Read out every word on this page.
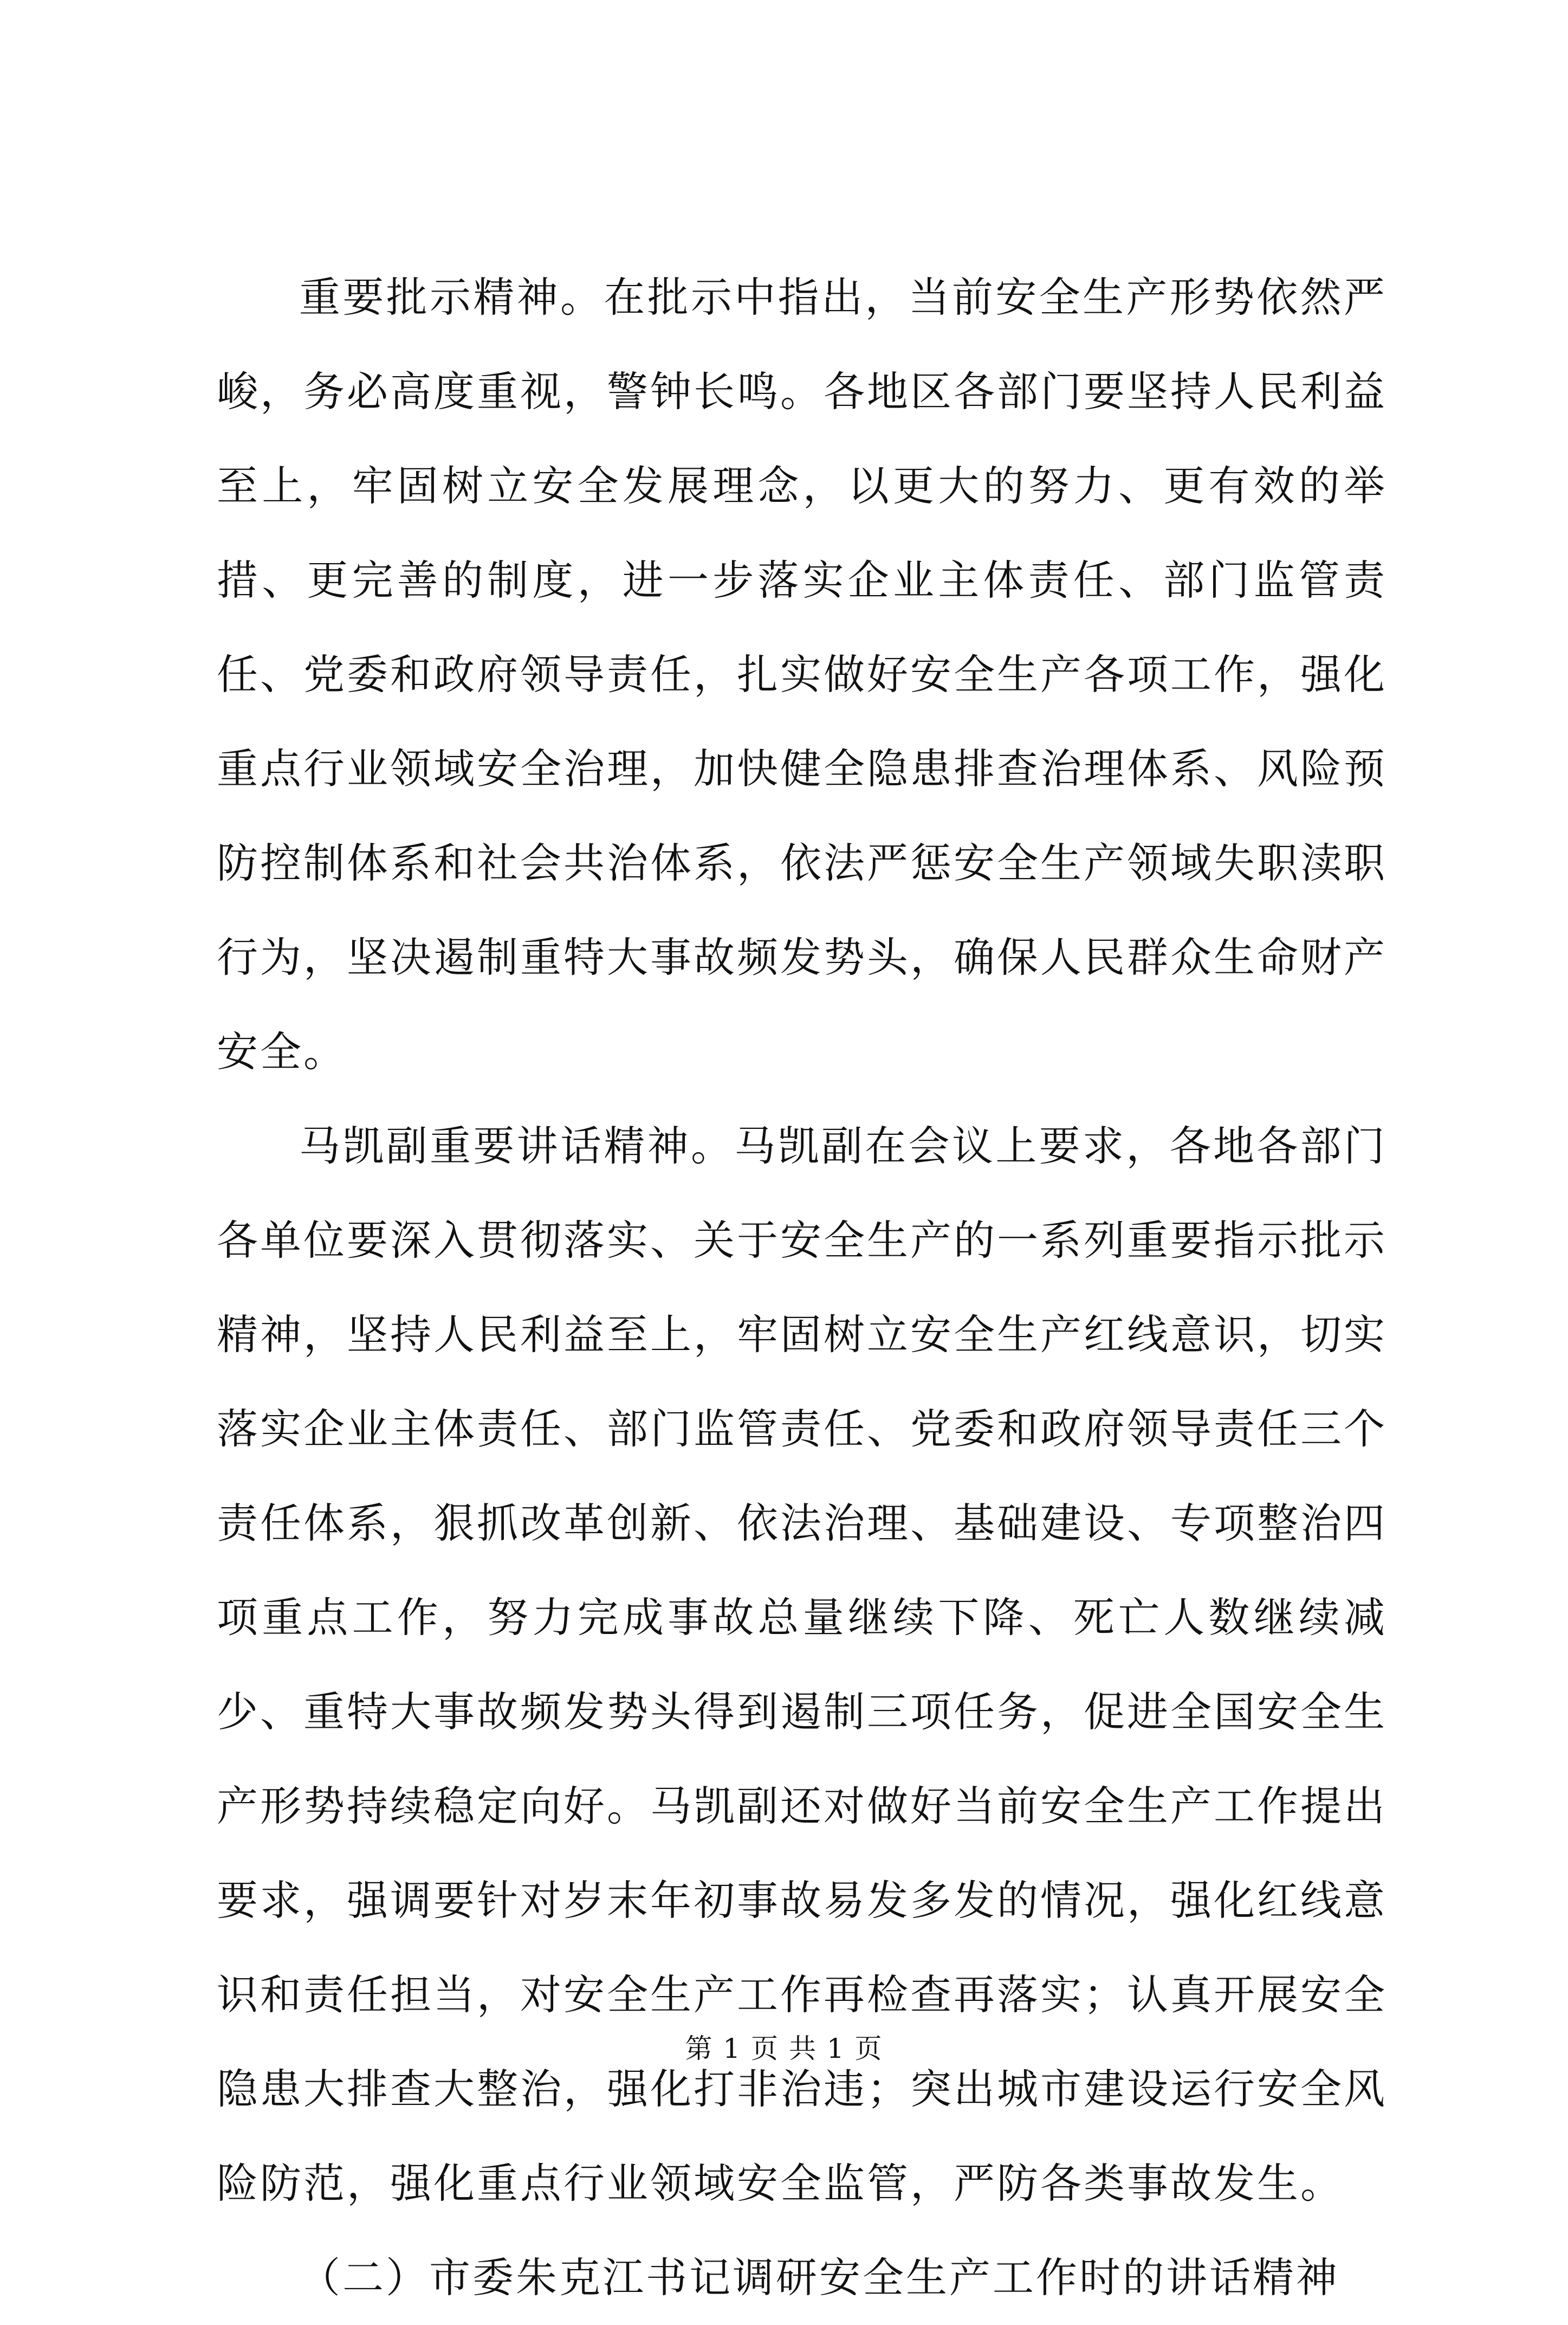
重要批示精神。在批示中指出，当前安全生产形势依然严峻，务必高度重视，警钟长鸣。各地区各部门要坚持人民利益至上，牢固树立安全发展理念，以更大的努力、更有效的举措、更完善的制度，进一步落实企业主体责任、部门监管责任、党委和政府领导责任，扎实做好安全生产各项工作，强化重点行业领域安全治理，加快健全隐患排查治理体系、风险预防控制体系和社会共治体系，依法严惩安全生产领域失职渎职行为，坚决遏制重特大事故频发势头，确保人民群众生命财产安全。

马凯副重要讲话精神。马凯副在会议上要求，各地各部门各单位要深入贯彻落实、关于安全生产的一系列重要指示批示精神，坚持人民利益至上，牢固树立安全生产红线意识，切实落实企业主体责任、部门监管责任、党委和政府领导责任三个责任体系，狠抓改革创新、依法治理、基础建设、专项整治四项重点工作，努力完成事故总量继续下降、死亡人数继续减少、重特大事故频发势头得到遏制三项任务，促进全国安全生产形势持续稳定向好。马凯副还对做好当前安全生产工作提出要求，强调要针对岁末年初事故易发多发的情况，强化红线意识和责任担当，对安全生产工作再检查再落实；认真开展安全隐患大排查大整治，强化打非治违；突出城市建设运行安全风险防范，强化重点行业领域安全监管，严防各类事故发生。

（二）市委朱克江书记调研安全生产工作时的讲话精神

第 1 页 共 1 页
